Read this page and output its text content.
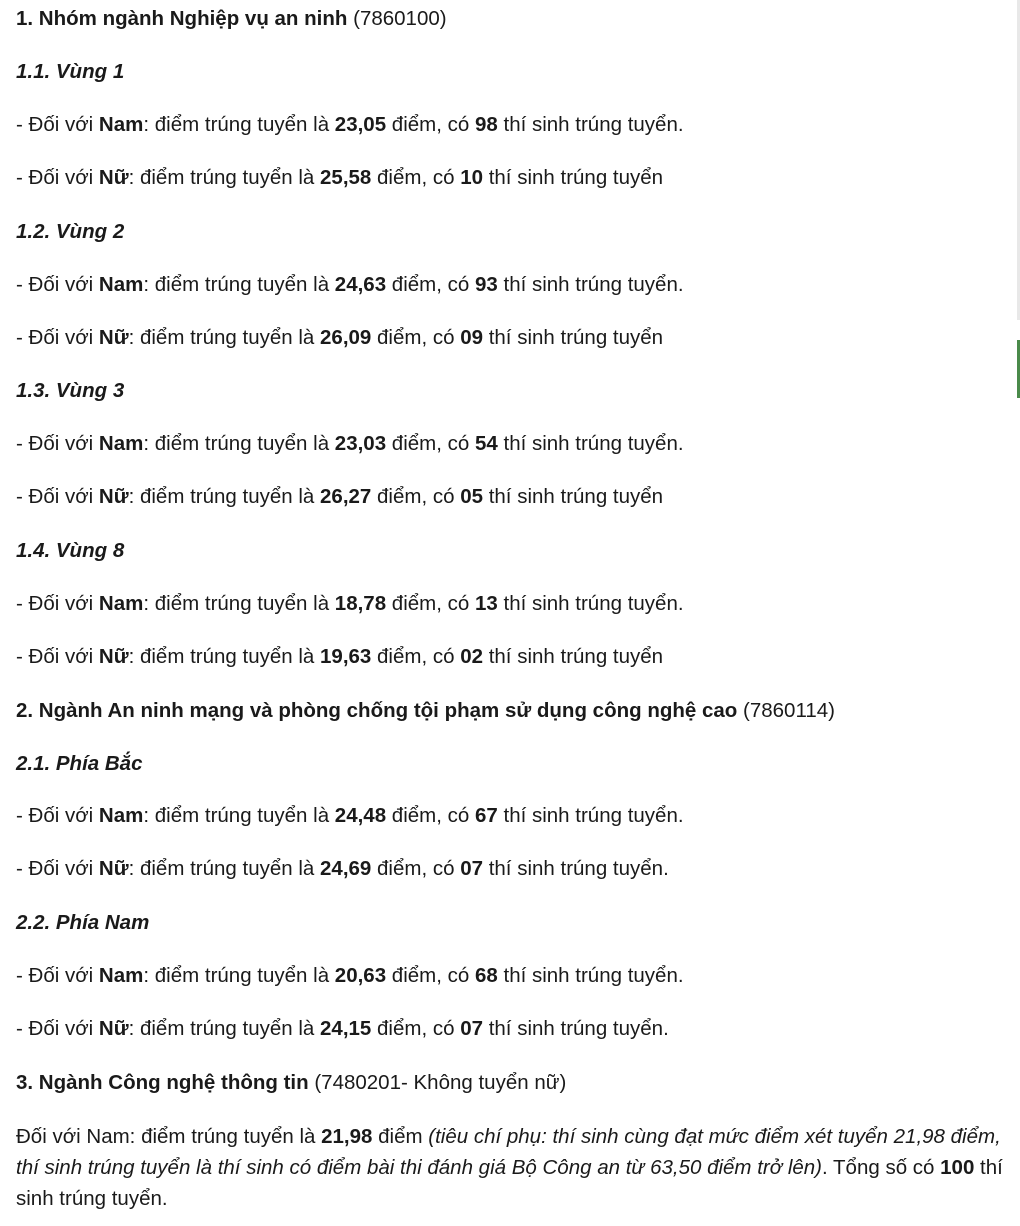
1. Nhóm ngành Nghiệp vụ an ninh (7860100)
1.1. Vùng 1
- Đối với Nam: điểm trúng tuyển là 23,05 điểm, có 98 thí sinh trúng tuyển.
- Đối với Nữ: điểm trúng tuyển là 25,58 điểm, có 10 thí sinh trúng tuyển
1.2. Vùng 2
- Đối với Nam: điểm trúng tuyển là 24,63 điểm, có 93 thí sinh trúng tuyển.
- Đối với Nữ: điểm trúng tuyển là 26,09 điểm, có 09 thí sinh trúng tuyển
1.3. Vùng 3
- Đối với Nam: điểm trúng tuyển là 23,03 điểm, có 54 thí sinh trúng tuyển.
- Đối với Nữ: điểm trúng tuyển là 26,27 điểm, có 05 thí sinh trúng tuyển
1.4. Vùng 8
- Đối với Nam: điểm trúng tuyển là 18,78 điểm, có 13 thí sinh trúng tuyển.
- Đối với Nữ: điểm trúng tuyển là 19,63 điểm, có 02 thí sinh trúng tuyển
2. Ngành An ninh mạng và phòng chống tội phạm sử dụng công nghệ cao (7860114)
2.1. Phía Bắc
- Đối với Nam: điểm trúng tuyển là 24,48 điểm, có 67 thí sinh trúng tuyển.
- Đối với Nữ: điểm trúng tuyển là 24,69 điểm, có 07 thí sinh trúng tuyển.
2.2. Phía Nam
- Đối với Nam: điểm trúng tuyển là 20,63 điểm, có 68 thí sinh trúng tuyển.
- Đối với Nữ: điểm trúng tuyển là 24,15 điểm, có 07 thí sinh trúng tuyển.
3. Ngành Công nghệ thông tin (7480201- Không tuyển nữ)
Đối với Nam: điểm trúng tuyển là 21,98 điểm (tiêu chí phụ: thí sinh cùng đạt mức điểm xét tuyển 21,98 điểm, thí sinh trúng tuyển là thí sinh có điểm bài thi đánh giá Bộ Công an từ 63,50 điểm trở lên). Tổng số có 100 thí sinh trúng tuyển.
